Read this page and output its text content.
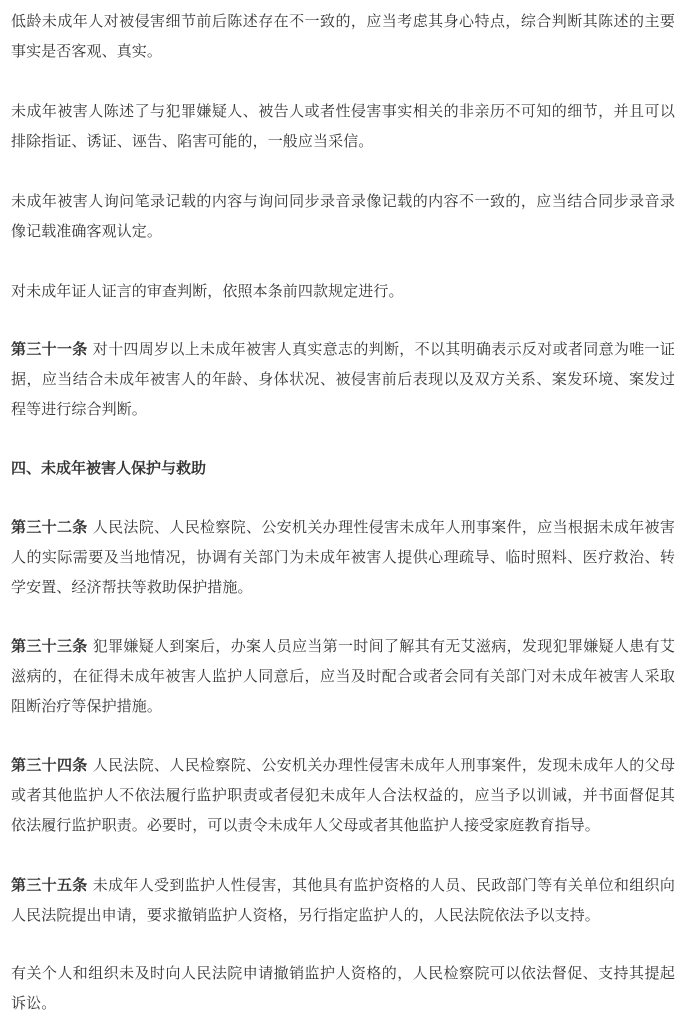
低龄未成年人对被侵害细节前后陈述存在不一致的，应当考虑其身心特点，综合判断其陈述的主要事实是否客观、真实。

未成年被害人陈述了与犯罪嫌疑人、被告人或者性侵害事实相关的非亲历不可知的细节，并且可以排除指证、诱证、诬告、陷害可能的，一般应当采信。

未成年被害人询问笔录记载的内容与询问同步录音录像记载的内容不一致的，应当结合同步录音录像记载准确客观认定。

对未成年证人证言的审查判断，依照本条前四款规定进行。

第三十一条 对十四周岁以上未成年被害人真实意志的判断，不以其明确表示反对或者同意为唯一证据，应当结合未成年被害人的年龄、身体状况、被侵害前后表现以及双方关系、案发环境、案发过程等进行综合判断。

四、未成年被害人保护与救助

第三十二条 人民法院、人民检察院、公安机关办理性侵害未成年人刑事案件，应当根据未成年被害人的实际需要及当地情况，协调有关部门为未成年被害人提供心理疏导、临时照料、医疗救治、转学安置、经济帮扶等救助保护措施。

第三十三条 犯罪嫌疑人到案后，办案人员应当第一时间了解其有无艾滋病，发现犯罪嫌疑人患有艾滋病的，在征得未成年被害人监护人同意后，应当及时配合或者会同有关部门对未成年被害人采取阻断治疗等保护措施。

第三十四条 人民法院、人民检察院、公安机关办理性侵害未成年人刑事案件，发现未成年人的父母或者其他监护人不依法履行监护职责或者侵犯未成年人合法权益的，应当予以训诫，并书面督促其依法履行监护职责。必要时，可以责令未成年人父母或者其他监护人接受家庭教育指导。

第三十五条 未成年人受到监护人性侵害，其他具有监护资格的人员、民政部门等有关单位和组织向人民法院提出申请，要求撤销监护人资格，另行指定监护人的，人民法院依法予以支持。

有关个人和组织未及时向人民法院申请撤销监护人资格的，人民检察院可以依法督促、支持其提起诉讼。
